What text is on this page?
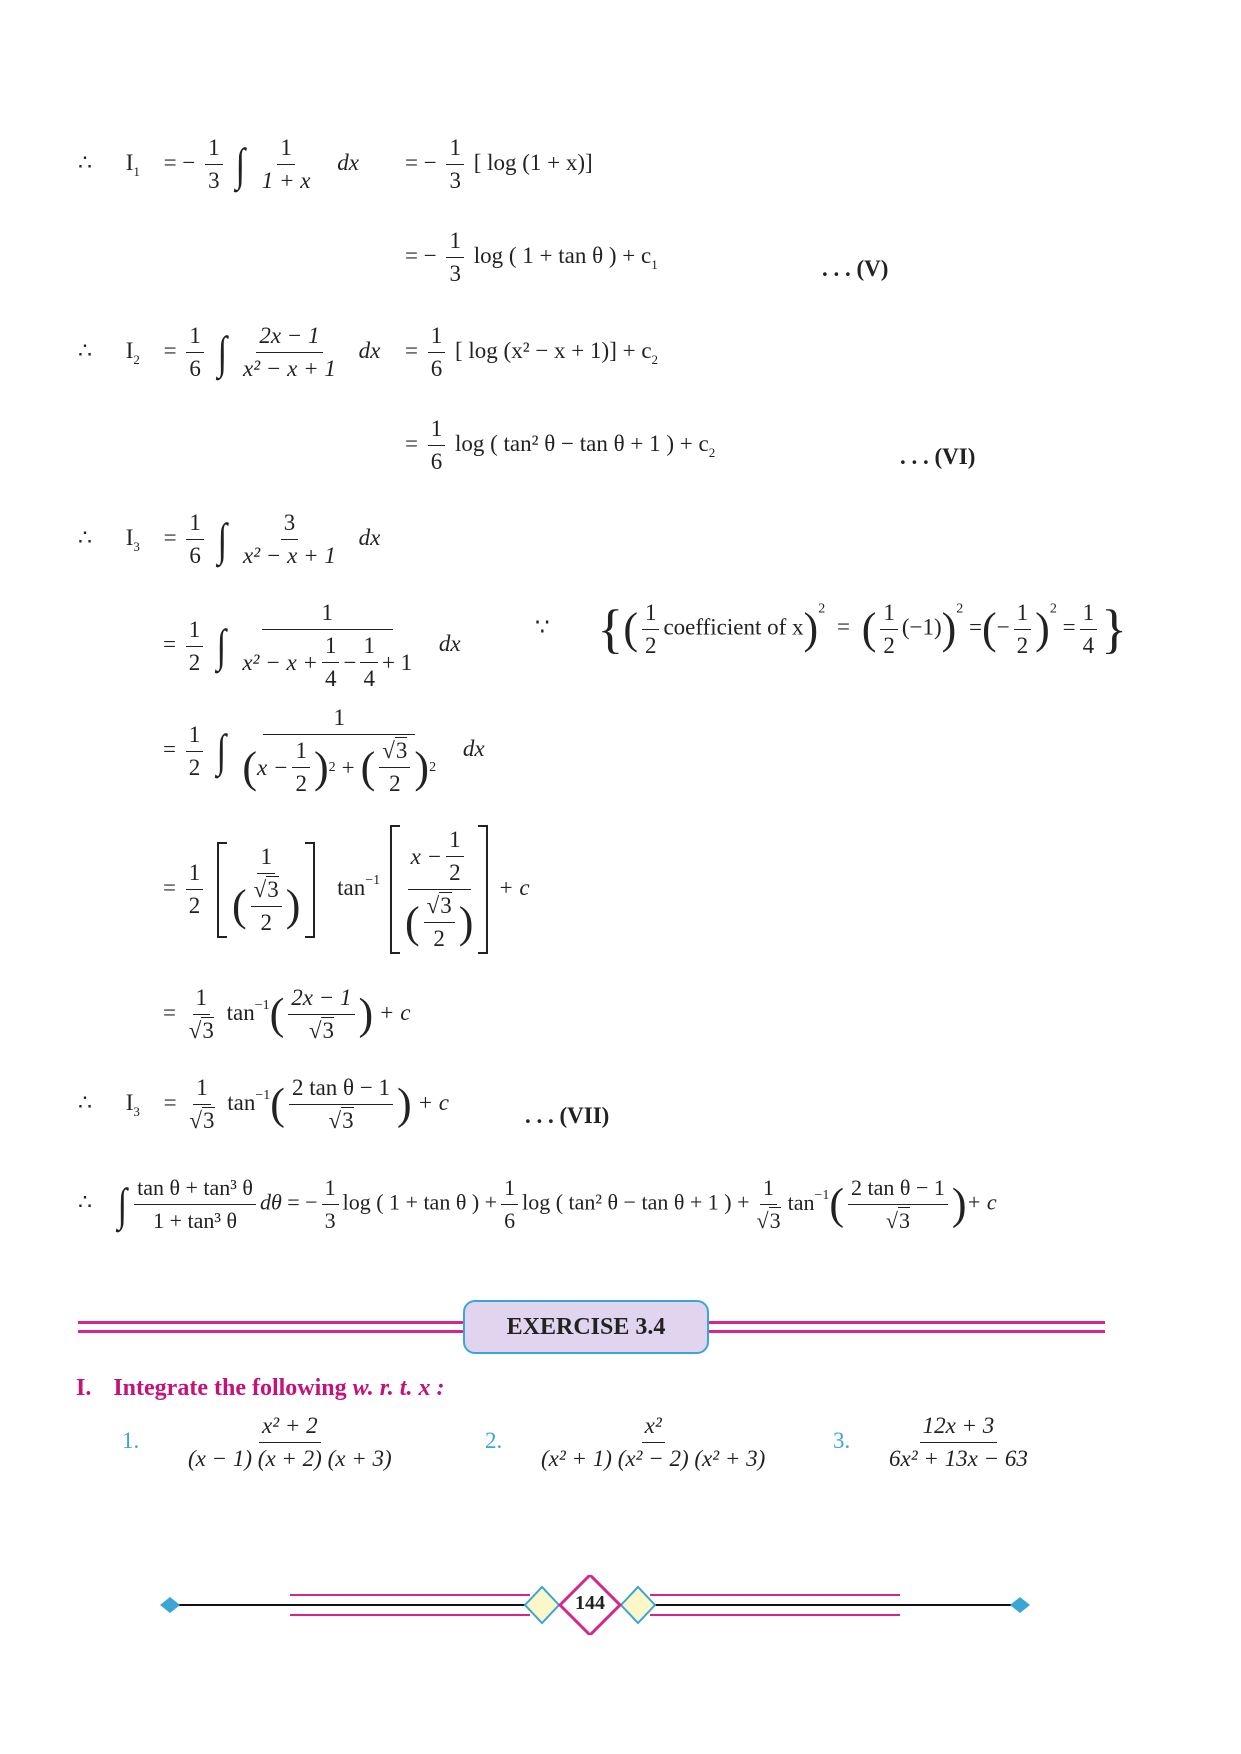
∴ $I_1$ = − $\frac{1}{3}$ ∫ $\frac{1}{1 + x}$ dx = − $\frac{1}{3}$ [ log (1 + x)]
= − $\frac{1}{3}$ log ( 1 + tan θ ) + $c_1$	. . . (V)
∴ $I_2 = \frac{1}{6}$ ∫ $\frac{2x - 1}{\text{x² − x + 1}}$ dx = $\frac{1}{6}$ [ $\log (x^2 - x + 1)] + c_2$
= $\frac{1}{6}$ log ( tan² θ − tan θ + 1 ) + $c_2$	. . . (VI)
∴ $I_3 = \frac{1}{6}$ ∫ $\frac{3}{\text{x² − x + 1}}$ dx
= $\frac{1}{2}$ ∫ $\frac{1}{x^2 - x + \frac{1}{4} - \frac{1}{4} + 1}$ dx
∵ {( $\frac{1}{2}$ coefficient of x)$^2$ = ( $\frac{1}{2} (-1))^2$ =(− $\frac{1}{2} )^2 = \frac{1}{4}$ }
= $\frac{1}{2}$ ∫ $\frac{1}{( x - \frac{1}{2} ) 2 + ( \frac{√3}{2} ) 2}$ dx
= $\frac{1}{2}$
$\frac{1}{( \frac{√3}{2} )} \tan^{-1} \frac{x - \frac{1}{2}}{( \frac{√3}{2} )} + c$
= $\frac{1}{√3} \tan^{-1}( \frac{2x - 1}{√3}$ ) + c
∴ $I_3 = \frac{1}{√3} \tan^{-1}( \frac{\text{2 tan θ − 1}}{√3}$ ) + c
. . . (VII)
∴ ∫ $\frac{\text{tan θ + tan³ θ}}{\text{1 + tan³ θ}}$ dθ = − $\frac{1}{3}$ log ( 1 + tan θ ) + $\frac{1}{6}$ log ( tan² θ − tan θ + 1 ) + $\frac{1}{√3} \tan^{-1}( \frac{\text{2 tan θ − 1}}{√3}$ )+ c
EXERCISE 3.4
I. Integrate the following w. r. t. x :
1. $\frac{\text{x² + 2}}{(x - 1) (x + 2) (x + 3)}$	2. $\frac{\text{x²}}{\text{(x² + 1) (x² − 2) (x² + 3)}}$	3. $\frac{12x + 3}{\text{6x² + 13x − 63}}$
144
